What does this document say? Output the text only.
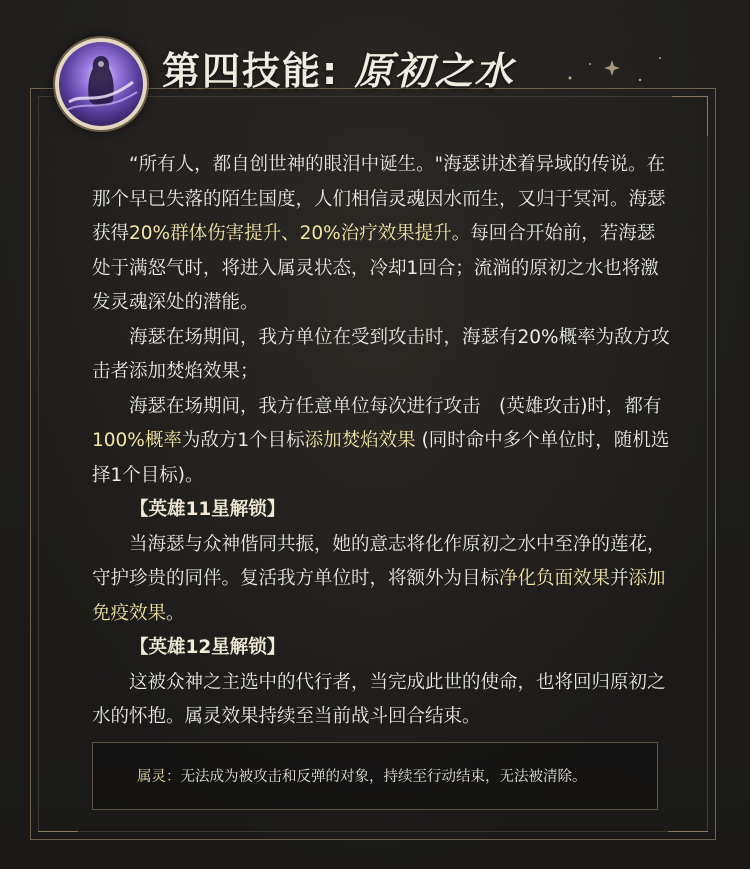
第四技能: 原初之水

“所有人，都自创世神的眼泪中诞生。"海瑟讲述着异域的传说。在那个早已失落的陌生国度，人们相信灵魂因水而生，又归于冥河。海瑟获得20%群体伤害提升、20%治疗效果提升。每回合开始前，若海瑟处于满怒气时，将进入属灵状态，冷却1回合；流淌的原初之水也将激发灵魂深处的潜能。

海瑟在场期间，我方单位在受到攻击时，海瑟有20%概率为敌方攻击者添加焚焰效果；

海瑟在场期间，我方任意单位每次进行攻击　(英雄攻击)时，都有100%概率为敌方1个目标添加焚焰效果 (同时命中多个单位时，随机选择1个目标)。

【英雄11星解锁】

当海瑟与众神偕同共振，她的意志将化作原初之水中至净的莲花，守护珍贵的同伴。复活我方单位时，将额外为目标净化负面效果并添加免疫效果。

【英雄12星解锁】

这被众神之主选中的代行者，当完成此世的使命，也将回归原初之水的怀抱。属灵效果持续至当前战斗回合结束。

属灵：无法成为被攻击和反弹的对象，持续至行动结束，无法被清除。
